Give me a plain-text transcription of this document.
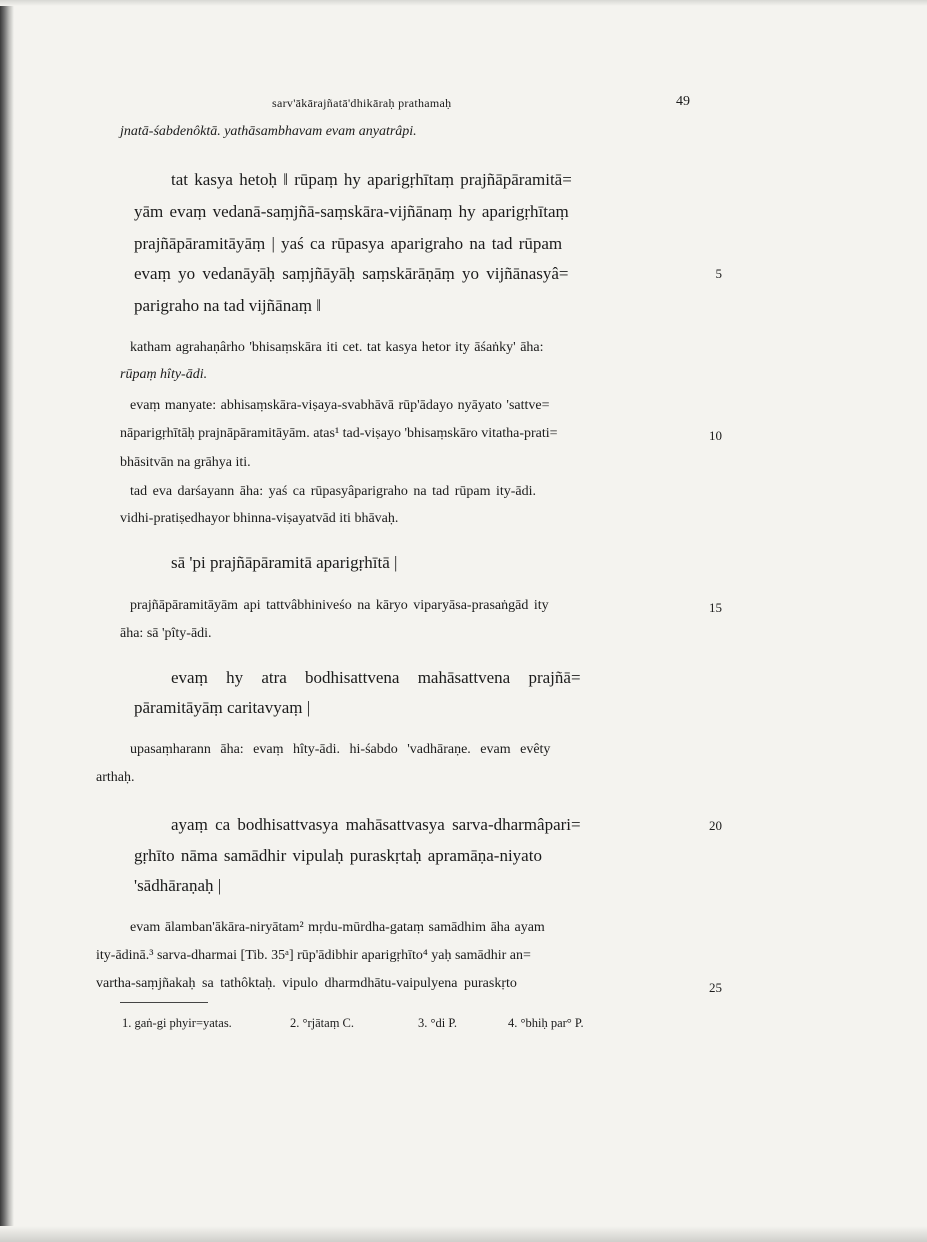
sarv'ākārajñatā'dhikāraḥ prathamaḥ	49
jnatā-śabdenôktā. yathāsambhavam evam anyatrâpi.
tat kasya hetoḥ ‖ rūpaṃ hy aparigṛhītaṃ prajñāpāramitā=
yām evaṃ vedanā-saṃjñā-saṃskāra-vijñānaṃ hy aparigṛhītaṃ
prajñāpāramitāyāṃ | yaś ca rūpasya aparigraho na tad rūpam
evaṃ yo vedanāyāḥ saṃjñāyāḥ saṃskārāṇāṃ yo vijñānasyâ=
parigraho na tad vijñānaṃ ‖
katham agrahaṇârho 'bhisaṃskāra iti cet. tat kasya hetor ity āśaṅky' āha:
rūpaṃ hîty-ādi.
evaṃ manyate: abhisaṃskāra-viṣaya-svabhāvā rūp'ādayo nyāyato 'sattve=
nāparigṛhītāḥ prajnāpāramitāyām. atas¹ tad-viṣayo 'bhisaṃskāro vitatha-prati=
bhāsitvān na grāhya iti.
tad eva darśayann āha: yaś ca rūpasyâparigraho na tad rūpam ity-ādi.
vidhi-pratiṣedhayor bhinna-viṣayatvād iti bhāvaḥ.
sā 'pi prajñāpāramitā aparigṛhītā |
prajñāpāramitāyām api tattvâbhiniveśo na kāryo viparyāsa-prasaṅgād ity
āha: sā 'pîty-ādi.
evaṃ hy atra bodhisattvena mahāsattvena prajñā=
pāramitāyāṃ caritavyaṃ |
upasaṃharann āha: evaṃ hîty-ādi. hi-śabdo 'vadhāraṇe. evam evêty
arthaḥ.
ayaṃ ca bodhisattvasya mahāsattvasya sarva-dharmâpari=
gṛhīto nāma samādhir vipulaḥ puraskṛtaḥ apramāṇa-niyato
'sādhāraṇaḥ |
evam ālamban'ākāra-niryātam² mṛdu-mūrdha-gataṃ samādhim āha ayam
ity-ādinā.³ sarva-dharmai [Tib. 35ᵃ] rūp'ādibhir aparigṛhīto⁴ yaḥ samādhir an=
vartha-saṃjñakaḥ sa tathôktaḥ. vipulo dharmdhātu-vaipulyena puraskṛto
5
10
15
20
25
1. gaṅ-gi phyir=yatas.	2. °rjātaṃ C.	3. °di P.	4. °bhiḥ par° P.
